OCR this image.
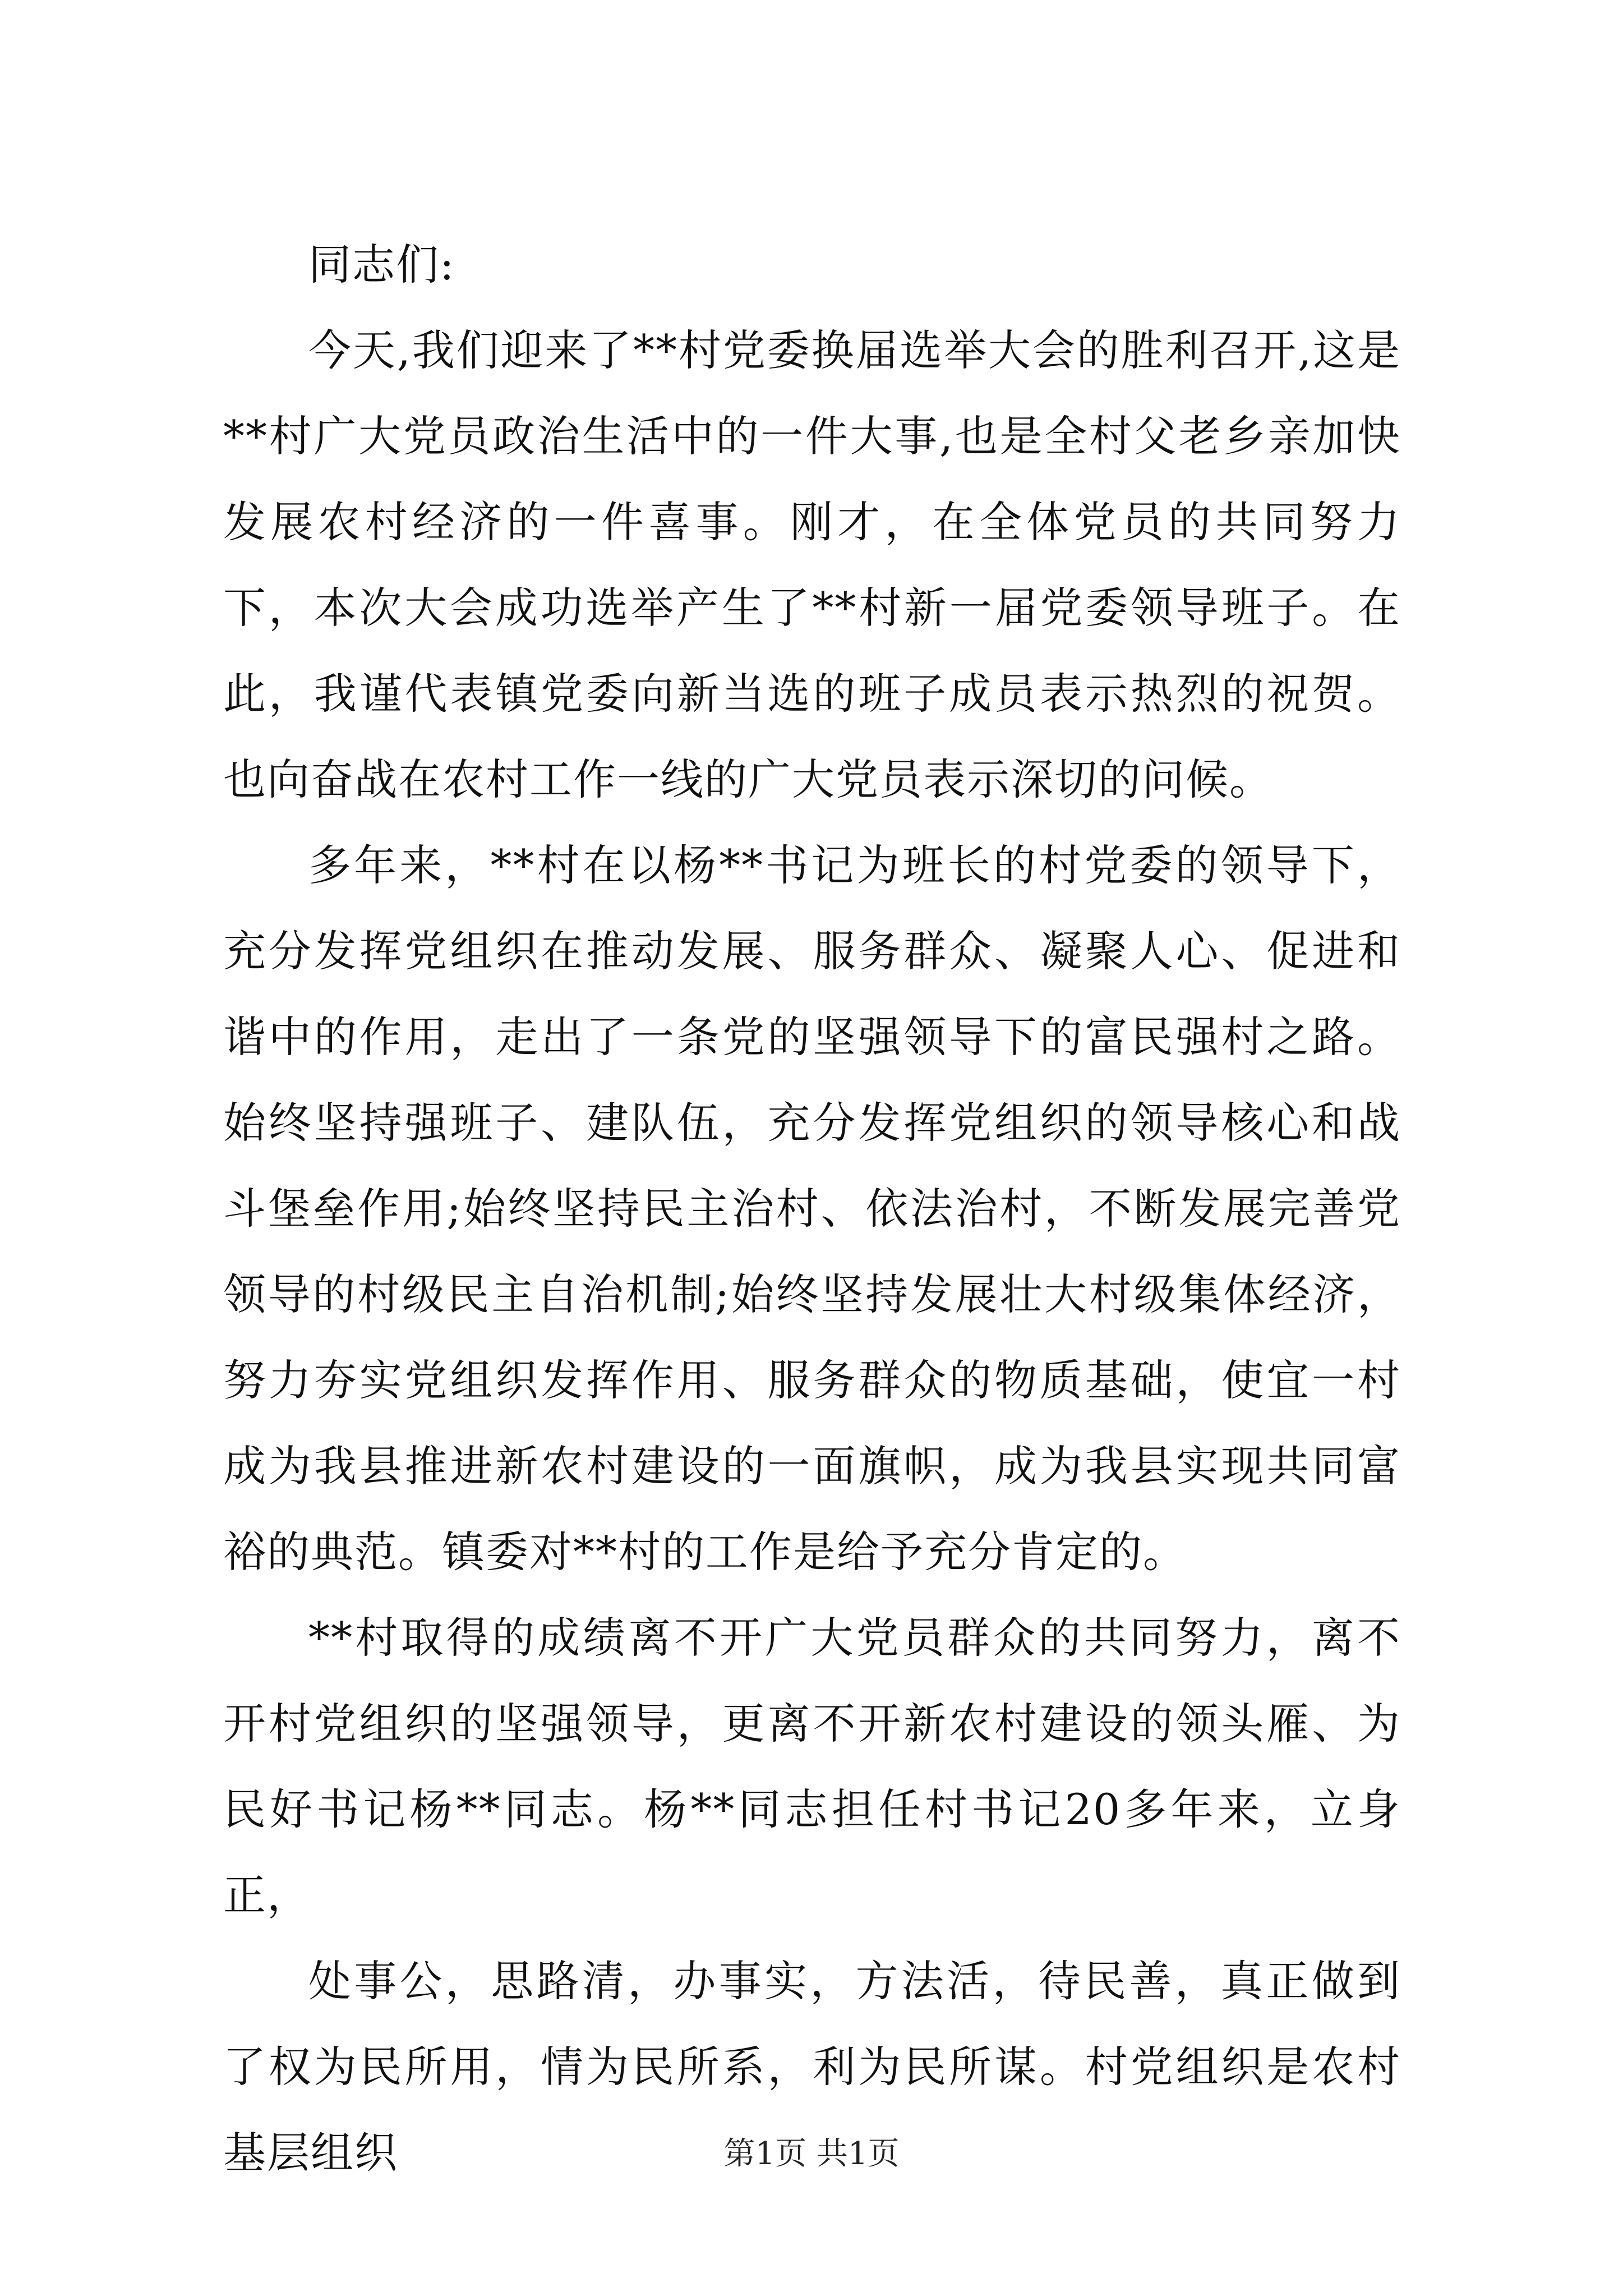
同志们:

今天,我们迎来了**村党委换届选举大会的胜利召开,这是**村广大党员政治生活中的一件大事,也是全村父老乡亲加快发展农村经济的一件喜事。刚才，在全体党员的共同努力下，本次大会成功选举产生了**村新一届党委领导班子。在此，我谨代表镇党委向新当选的班子成员表示热烈的祝贺。也向奋战在农村工作一线的广大党员表示深切的问候。

多年来，**村在以杨**书记为班长的村党委的领导下，充分发挥党组织在推动发展、服务群众、凝聚人心、促进和谐中的作用，走出了一条党的坚强领导下的富民强村之路。始终坚持强班子、建队伍，充分发挥党组织的领导核心和战斗堡垒作用;始终坚持民主治村、依法治村，不断发展完善党领导的村级民主自治机制;始终坚持发展壮大村级集体经济，努力夯实党组织发挥作用、服务群众的物质基础，使宜一村成为我县推进新农村建设的一面旗帜，成为我县实现共同富裕的典范。镇委对**村的工作是给予充分肯定的。

**村取得的成绩离不开广大党员群众的共同努力，离不开村党组织的坚强领导，更离不开新农村建设的领头雁、为民好书记杨**同志。杨**同志担任村书记20多年来，立身正，

处事公，思路清，办事实，方法活，待民善，真正做到了权为民所用，情为民所系，利为民所谋。村党组织是农村基层组织	第1页 共1页
